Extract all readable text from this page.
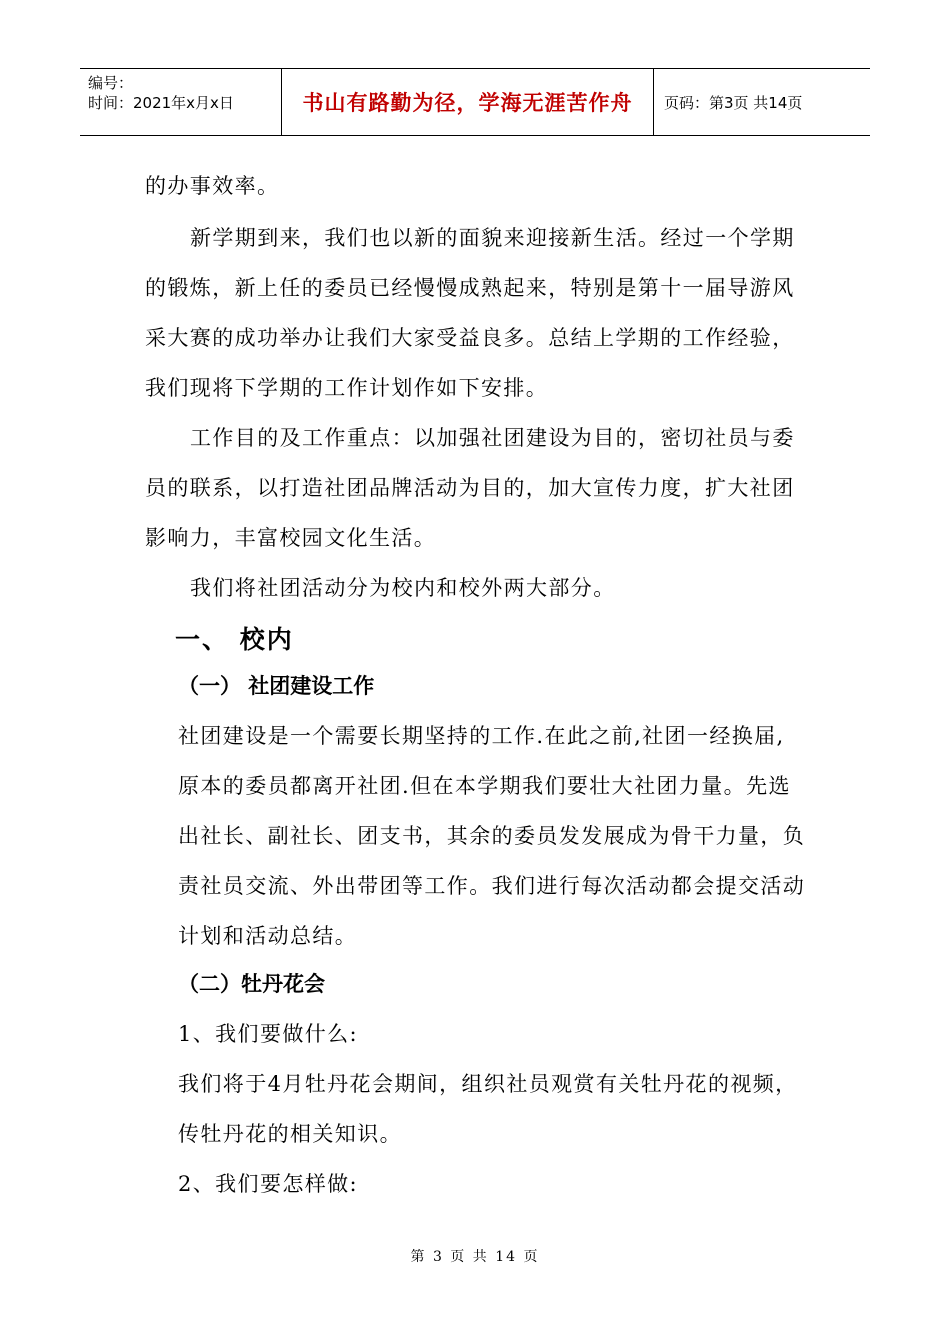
编号：
时间：2021年x月x日	书山有路勤为径，学海无涯苦作舟	页码：第3页 共14页
的办事效率。
新学期到来，我们也以新的面貌来迎接新生活。经过一个学期
的锻炼，新上任的委员已经慢慢成熟起来，特别是第十一届导游风
采大赛的成功举办让我们大家受益良多。总结上学期的工作经验，
我们现将下学期的工作计划作如下安排。
工作目的及工作重点：以加强社团建设为目的，密切社员与委
员的联系，以打造社团品牌活动为目的，加大宣传力度，扩大社团
影响力，丰富校园文化生活。
我们将社团活动分为校内和校外两大部分。
一、 校内
（一） 社团建设工作
社团建设是一个需要长期坚持的工作.在此之前,社团一经换届,
原本的委员都离开社团.但在本学期我们要壮大社团力量。先选
出社长、副社长、团支书，其余的委员发发展成为骨干力量，负
责社员交流、外出带团等工作。我们进行每次活动都会提交活动
计划和活动总结。
（二）牡丹花会
1、我们要做什么:
我们将于4月牡丹花会期间，组织社员观赏有关牡丹花的视频，
传牡丹花的相关知识。
2、我们要怎样做:
第 3 页 共 14 页
